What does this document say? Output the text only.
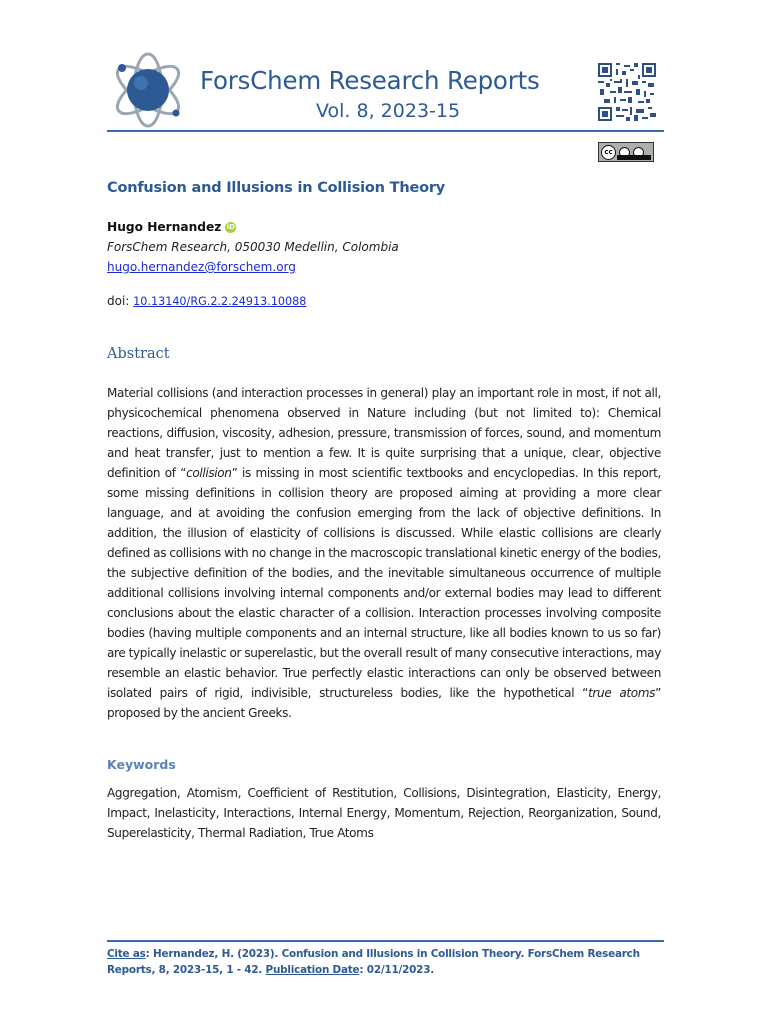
ForsChem Research Reports
Vol. 8, 2023-15
cc
Confusion and Illusions in Collision Theory
Hugo Hernandez iD
ForsChem Research, 050030 Medellin, Colombia
hugo.hernandez@forschem.org
doi: 10.13140/RG.2.2.24913.10088
Abstract
Material collisions (and interaction processes in general) play an important role in most, if not all, physicochemical phenomena observed in Nature including (but not limited to): Chemical reactions, diffusion, viscosity, adhesion, pressure, transmission of forces, sound, and momentum and heat transfer, just to mention a few. It is quite surprising that a unique, clear, objective definition of “collision” is missing in most scientific textbooks and encyclopedias. In this report, some missing definitions in collision theory are proposed aiming at providing a more clear language, and at avoiding the confusion emerging from the lack of objective definitions. In addition, the illusion of elasticity of collisions is discussed. While elastic collisions are clearly defined as collisions with no change in the macroscopic translational kinetic energy of the bodies, the subjective definition of the bodies, and the inevitable simultaneous occurrence of multiple additional collisions involving internal components and/or external bodies may lead to different conclusions about the elastic character of a collision. Interaction processes involving composite bodies (having multiple components and an internal structure, like all bodies known to us so far) are typically inelastic or superelastic, but the overall result of many consecutive interactions, may resemble an elastic behavior. True perfectly elastic interactions can only be observed between isolated pairs of rigid, indivisible, structureless bodies, like the hypothetical “true atoms” proposed by the ancient Greeks.
Keywords
Aggregation, Atomism, Coefficient of Restitution, Collisions, Disintegration, Elasticity, Energy, Impact, Inelasticity, Interactions, Internal Energy, Momentum, Rejection, Reorganization, Sound, Superelasticity, Thermal Radiation, True Atoms
Cite as: Hernandez, H. (2023). Confusion and Illusions in Collision Theory. ForsChem Research Reports, 8, 2023-15, 1 - 42. Publication Date: 02/11/2023.
